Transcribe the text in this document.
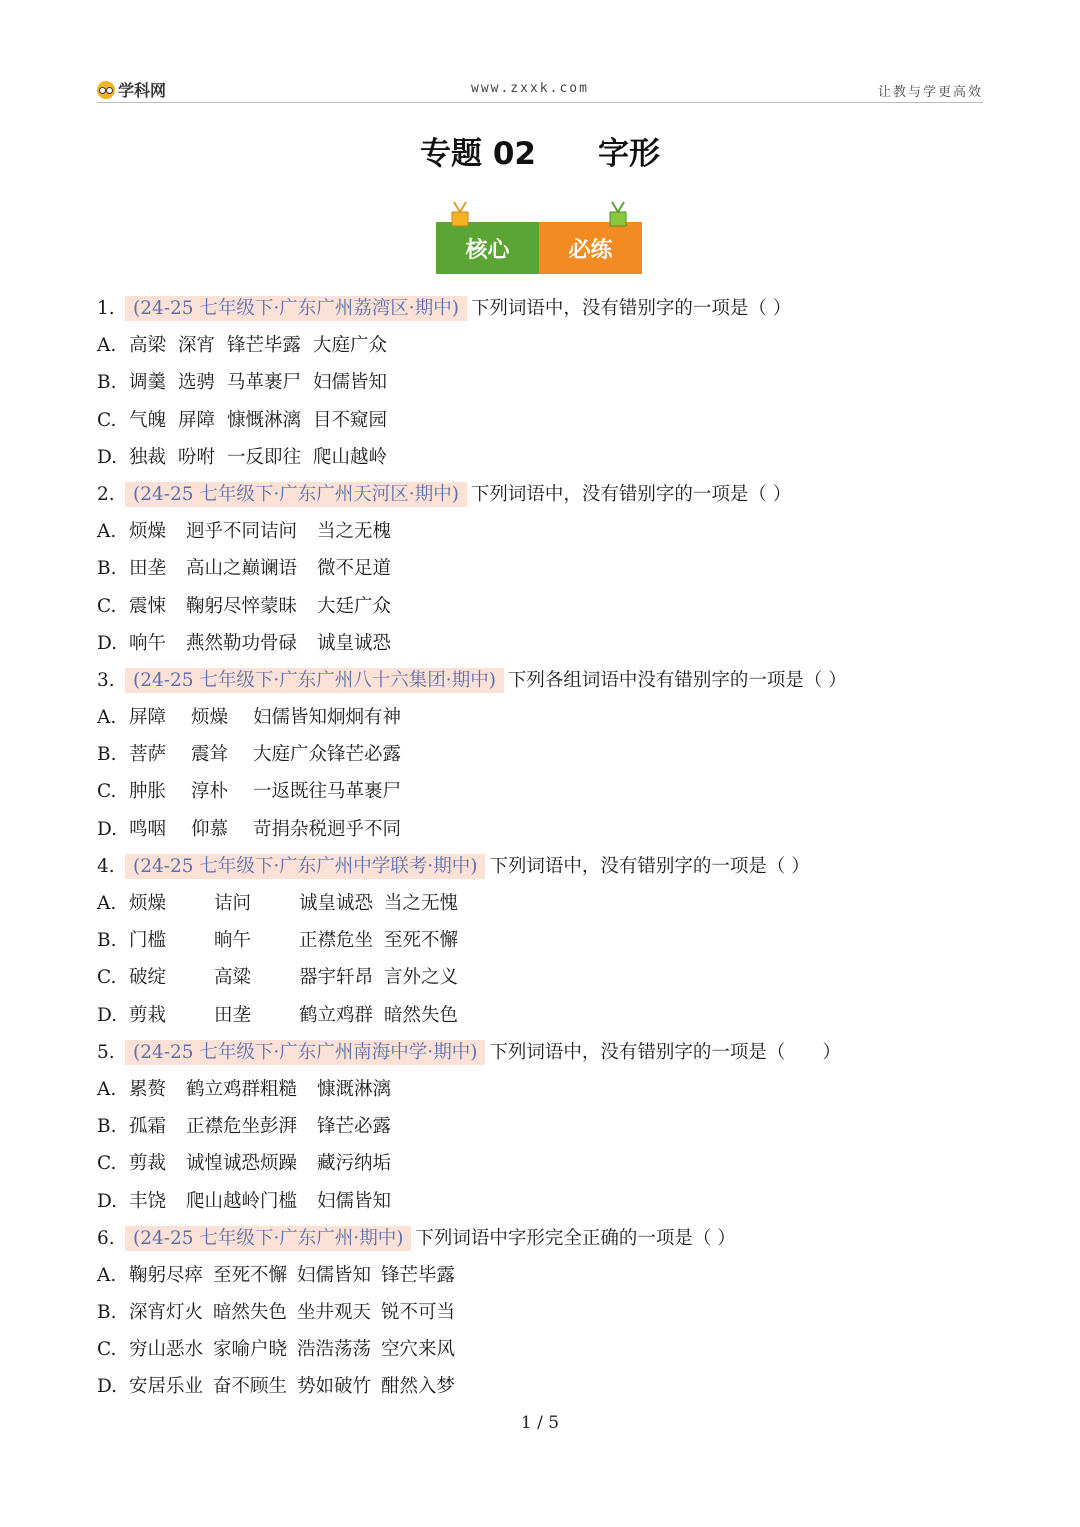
学科网	www.zxxk.com	让教与学更高效
专题 02 字形
核心	必练
1. (24-25 七年级下·广东广州荔湾区·期中) 下列词语中，没有错别字的一项是（ ）
A. 高梁 深宵 锋芒毕露 大庭广众
B. 调羹 选骋 马革裹尸 妇儒皆知
C. 气魄 屏障 慷慨淋漓 目不窥园
D. 独裁 吩咐 一反即往 爬山越岭
2. (24-25 七年级下·广东广州天河区·期中) 下列词语中，没有错别字的一项是（ ）
A. 烦燥 迥乎不同诘问 当之无槐
B. 田垄 高山之巅谰语 微不足道
C. 震悚 鞠躬尽悴蒙昧 大廷广众
D. 响午 燕然勒功骨碌 诚皇诚恐
3. (24-25 七年级下·广东广州八十六集团·期中) 下列各组词语中没有错别字的一项是（ ）
A. 屏障 烦燥 妇儒皆知炯炯有神
B. 菩萨 震耸 大庭广众锋芒必露
C. 肿胀 淳朴 一返既往马革裹尸
D. 鸣咽 仰慕 苛捐杂税迥乎不同
4. (24-25 七年级下·广东广州中学联考·期中) 下列词语中，没有错别字的一项是（ ）
A. 烦燥	诘问	诚皇诚恐 当之无愧
B. 门槛	晌午	正襟危坐 至死不懈
C. 破绽	高粱	器宇轩昂 言外之义
D. 剪栽	田垄	鹤立鸡群 暗然失色
5. (24-25 七年级下·广东广州南海中学·期中) 下列词语中，没有错别字的一项是（　　）
A. 累赘 鹤立鸡群粗糙 慷溉淋漓
B. 孤霜 正襟危坐彭湃 锋芒必露
C. 剪裁 诚惶诚恐烦躁 藏污纳垢
D. 丰饶 爬山越岭门槛 妇儒皆知
6. (24-25 七年级下·广东广州·期中) 下列词语中字形完全正确的一项是（ ）
A. 鞠躬尽瘁 至死不懈 妇儒皆知 锋芒毕露
B. 深宵灯火 暗然失色 坐井观天 锐不可当
C. 穷山恶水 家喻户晓 浩浩荡荡 空穴来风
D. 安居乐业 奋不顾生 势如破竹 酣然入梦
1 / 5
